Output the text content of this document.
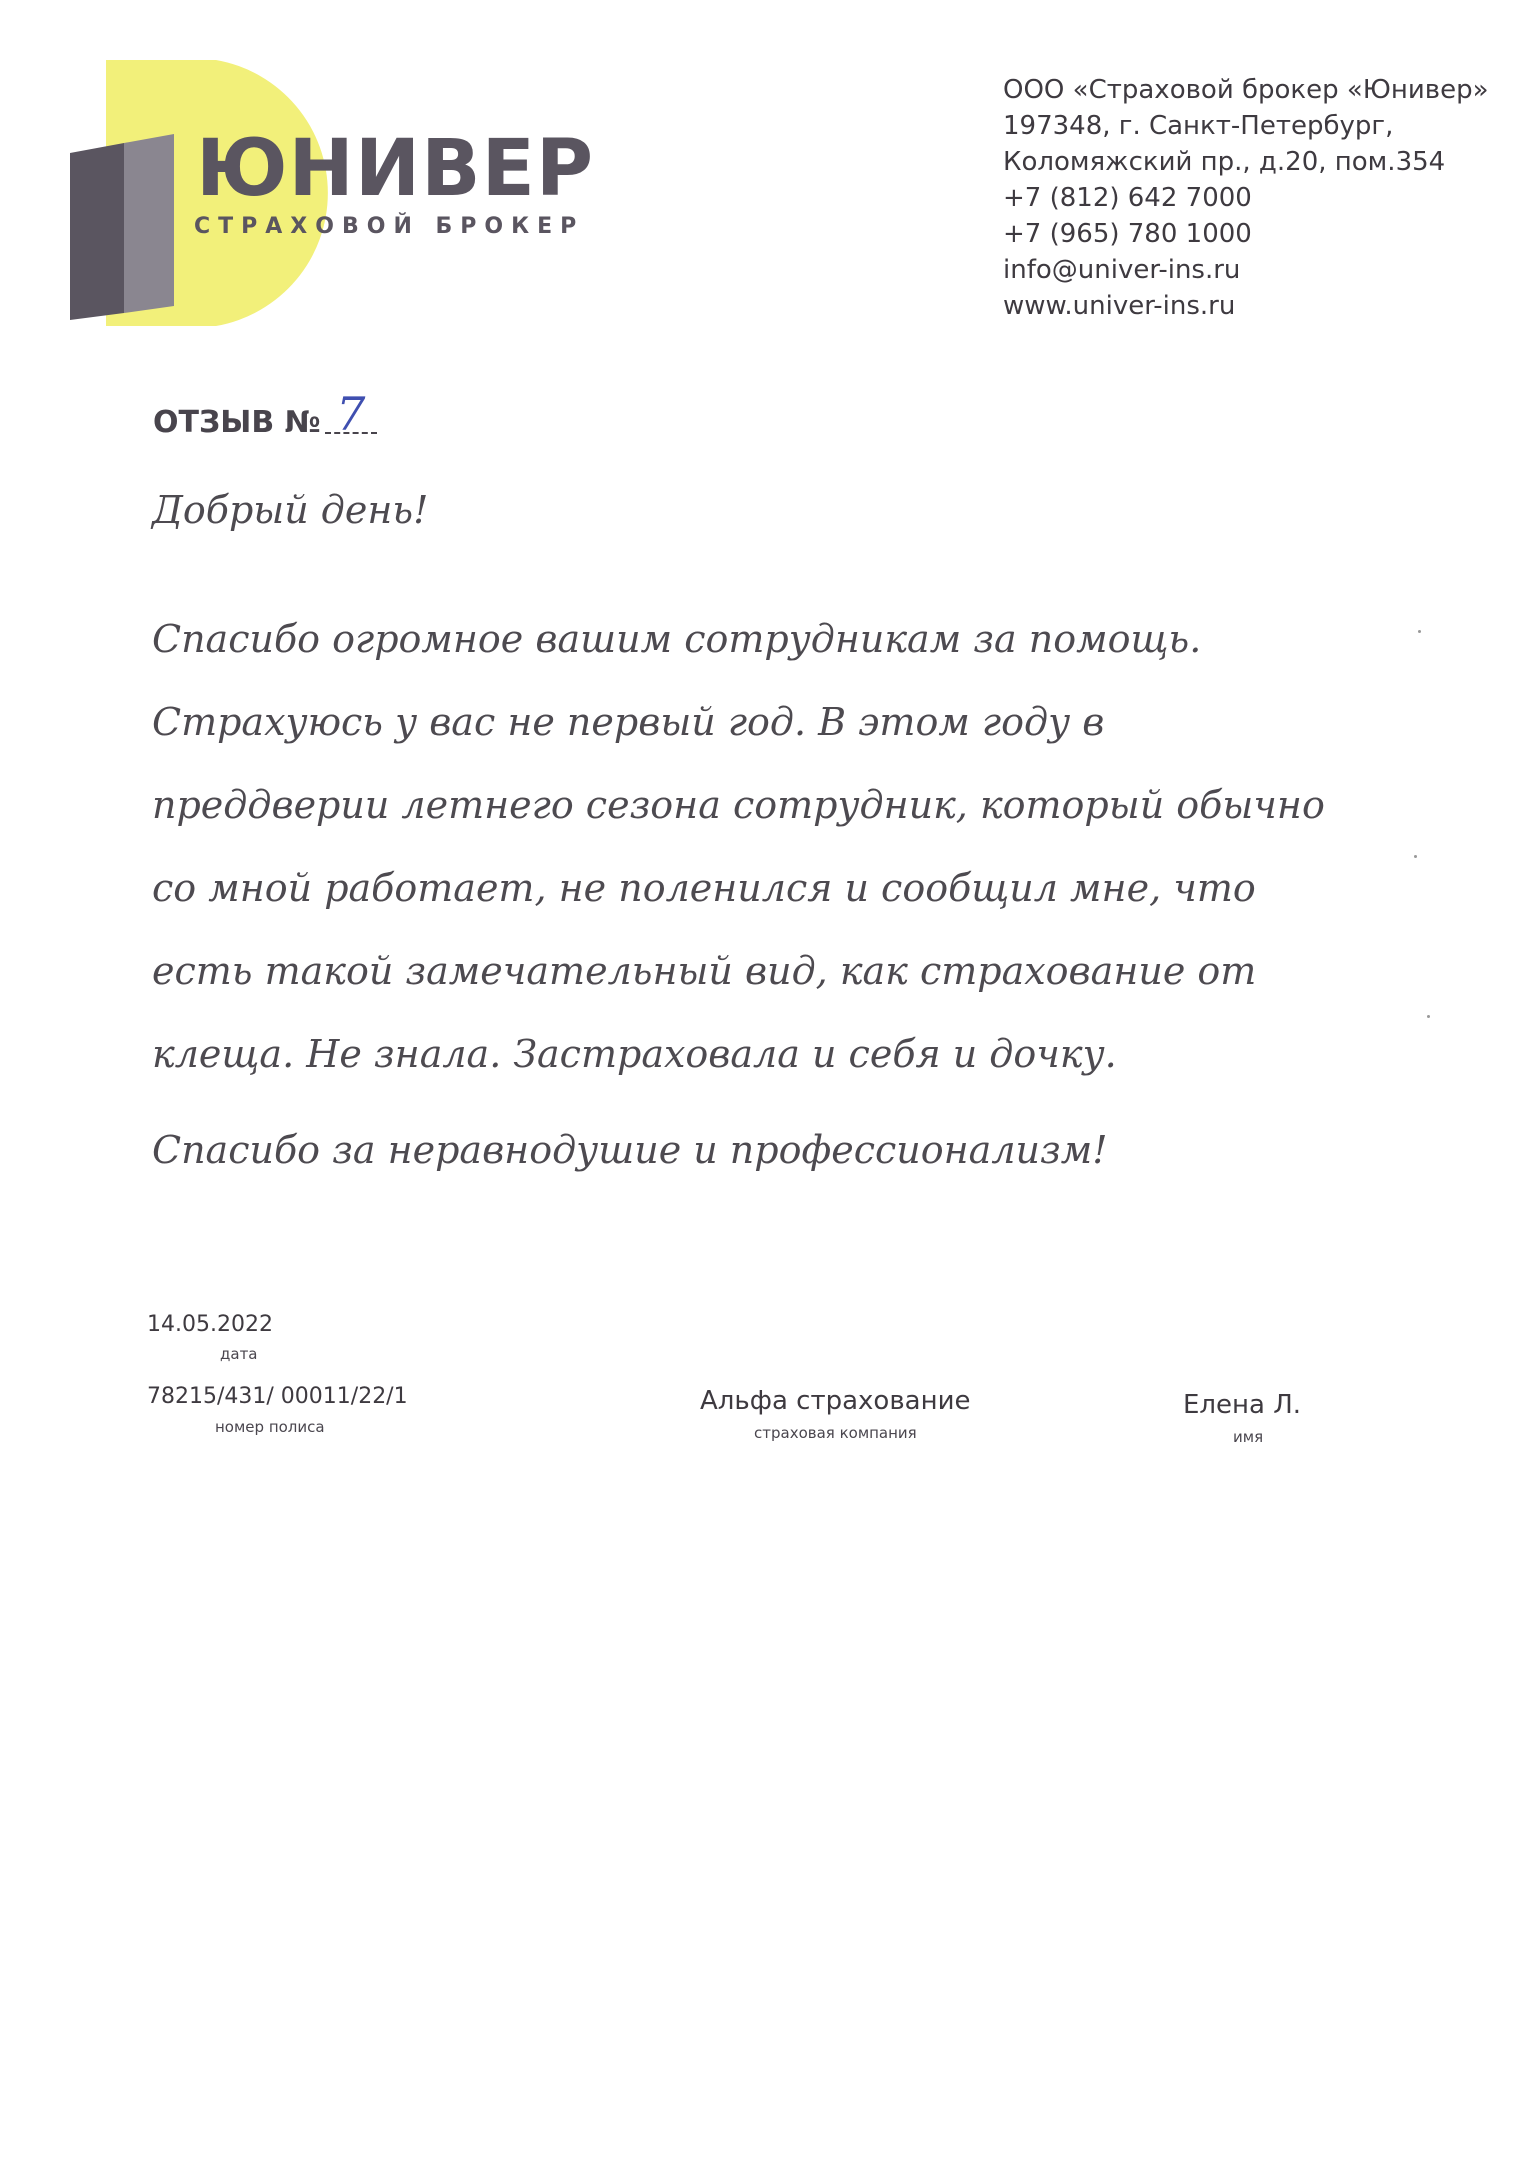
ЮНИВЕР
СТРАХОВОЙ БРОКЕР
ООО «Страховой брокер «Юнивер»
197348, г. Санкт-Петербург,
Коломяжский пр., д.20, пом.354
+7 (812) 642 7000
+7 (965) 780 1000
info@univer-ins.ru
www.univer-ins.ru
ОТЗЫВ № 7
Добрый день!
Спасибо огромное вашим сотрудникам за помощь.
Страхуюсь у вас не первый год. В этом году в
преддверии летнего сезона сотрудник, который обычно
со мной работает, не поленился и сообщил мне, что
есть такой замечательный вид, как страхование от
клеща. Не знала. Застраховала и себя и дочку.
Спасибо за неравнодушие и профессионализм!
14.05.2022
дата
78215/431/ 00011/22/1
номер полиса
Альфа страхование
страховая компания
Елена Л.
имя
